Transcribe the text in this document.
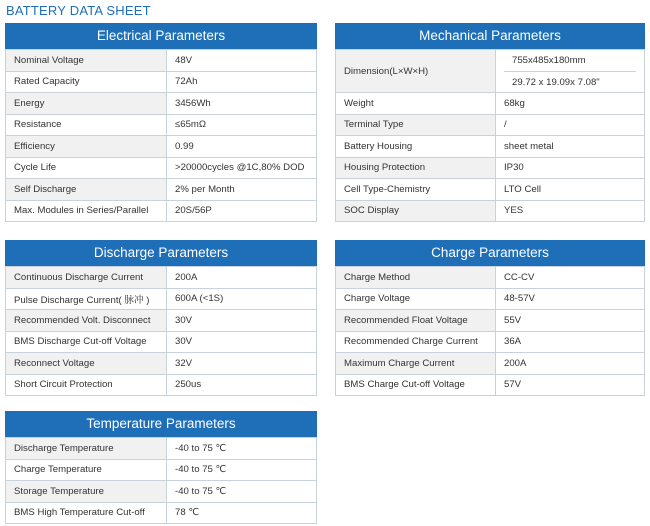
BATTERY DATA SHEET
Electrical Parameters
Nominal Voltage	48V
Rated Capacity	72Ah
Energy	3456Wh
Resistance	≤65mΩ
Efficiency	0.99
Cycle Life	>20000cycles @1C,80% DOD
Self Discharge	2% per Month
Max. Modules in Series/Parallel	20S/56P
Mechanical Parameters
Dimension(L×W×H)	755x485x180mm
29.72 x 19.09x 7.08"

Weight	68kg
Terminal Type	/
Battery Housing	sheet metal
Housing Protection	IP30
Cell Type-Chemistry	LTO Cell
SOC Display	YES
Discharge Parameters
Continuous Discharge Current	200A
Pulse Discharge Current( 脉冲 )	600A (<1S)
Recommended Volt. Disconnect	30V
BMS Discharge Cut-off Voltage	30V
Reconnect Voltage	32V
Short Circuit Protection	250us
Charge Parameters
Charge Method	CC-CV
Charge Voltage	48-57V
Recommended Float Voltage	55V
Recommended Charge Current	36A
Maximum Charge Current	200A
BMS Charge Cut-off Voltage	57V
Temperature Parameters
Discharge Temperature	-40 to 75 ℃
Charge Temperature	-40 to 75 ℃
Storage Temperature	-40 to 75 ℃
BMS High Temperature Cut-off	78 ℃
